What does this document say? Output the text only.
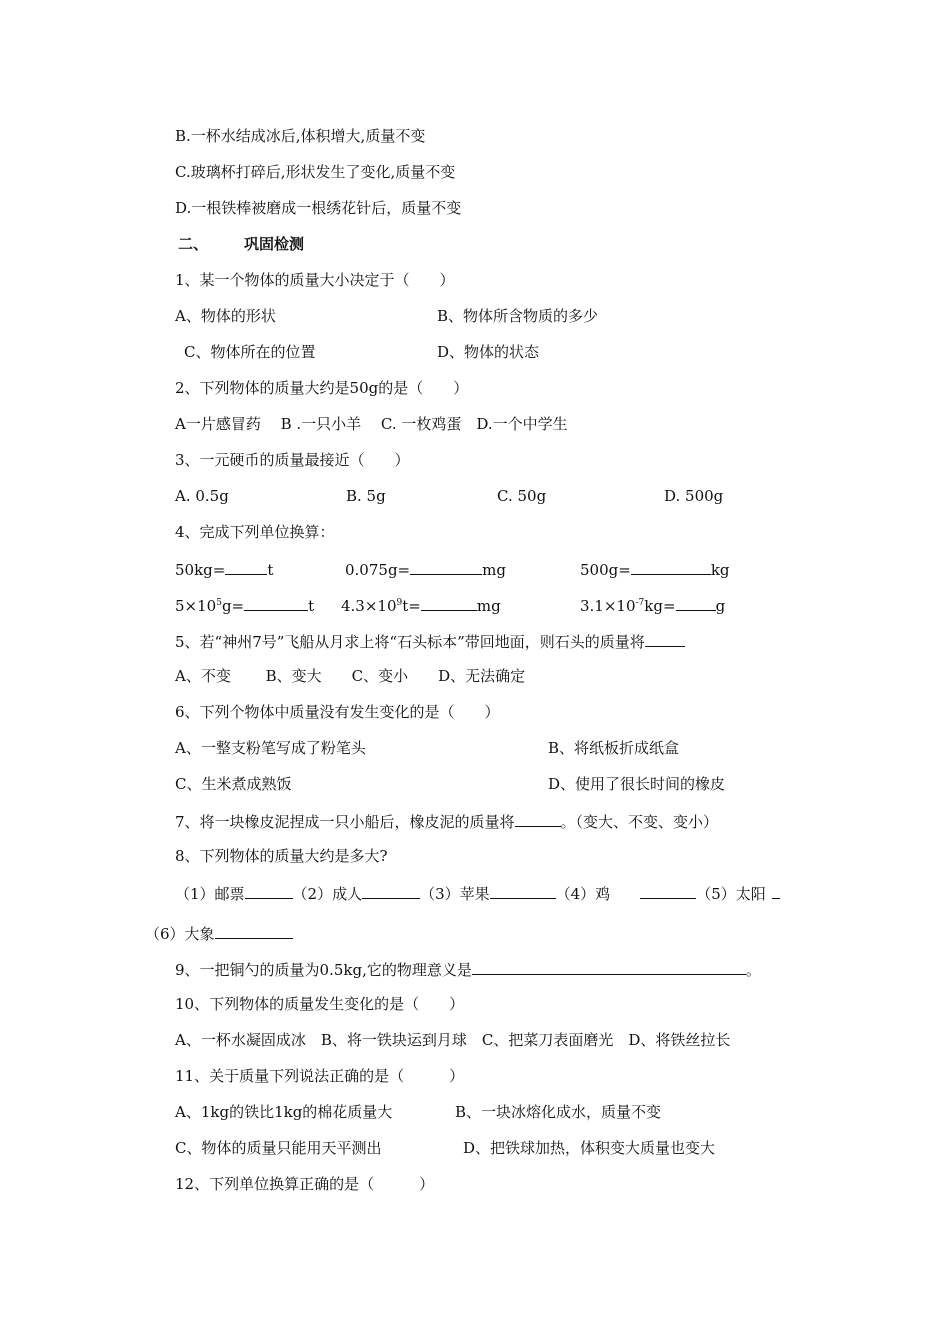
B.一杯水结成冰后,体积增大,质量不变
C.玻璃杯打碎后,形状发生了变化,质量不变
D.一根铁棒被磨成一根绣花针后，质量不变
二、 巩固检测
1、某一个物体的质量大小决定于（　　）
A、物体的形状	B、物体所含物质的多少
C、物体所在的位置	D、物体的状态
2、下列物体的质量大约是50g的是（　　）
A一片感冒药　 B .一只小羊　 C. 一枚鸡蛋　D.一个中学生
3、一元硬币的质量最接近（　　）
A. 0.5g	B. 5g	C. 50g	D. 500g
4、完成下列单位换算：
50kg=	t	0.075g=	mg	500g=	kg
$5\times 10^5g=$	t $4.3\times 10^9t=$	mg	$3.1\times 10^{-7}kg=$	g
5、若“神州7号”飞船从月求上将“石头标本”带回地面，则石头的质量将
A、不变　　 B、变大　　C、变小　　D、无法确定
6、下列个物体中质量没有发生变化的是（　　）
A、一整支粉笔写成了粉笔头	B、将纸板折成纸盒
C、生米煮成熟饭	D、使用了很长时间的橡皮
7、将一块橡皮泥捏成一只小船后，橡皮泥的质量将	。（变大、不变、变小）
8、下列物体的质量大约是多大?
（1）邮票	（2）成人	（3）苹果	（4）鸡	（5）太阳
（6）大象
9、一把铜勺的质量为0.5kg,它的物理意义是	。
10、下列物体的质量发生变化的是（　　）
A、一杯水凝固成冰　B、将一铁块运到月球　C、把菜刀表面磨光　D、将铁丝拉长
11、关于质量下列说法正确的是（　　　）
A、1kg的铁比1kg的棉花质量大	B、一块冰熔化成水，质量不变
C、物体的质量只能用天平测出	D、把铁球加热，体积变大质量也变大
12、下列单位换算正确的是（　　　）
